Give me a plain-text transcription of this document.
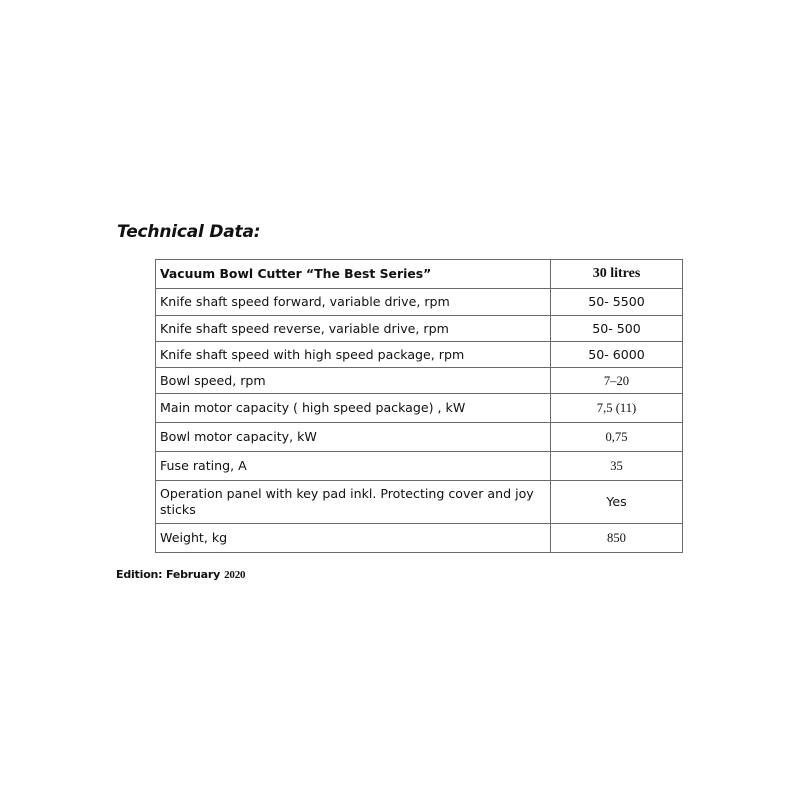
Technical Data:
Vacuum Bowl Cutter “The Best Series”	30 litres
Knife shaft speed forward, variable drive, rpm	50- 5500
Knife shaft speed reverse, variable drive, rpm	50- 500
Knife shaft speed with high speed package, rpm	50- 6000
Bowl speed, rpm	7–20
Main motor capacity ( high speed package) , kW	7,5 (11)
Bowl motor capacity, kW	0,75
Fuse rating, A	35
Operation panel with key pad inkl. Protecting cover and joy sticks	Yes
Weight, kg	850
Edition: February 2020
